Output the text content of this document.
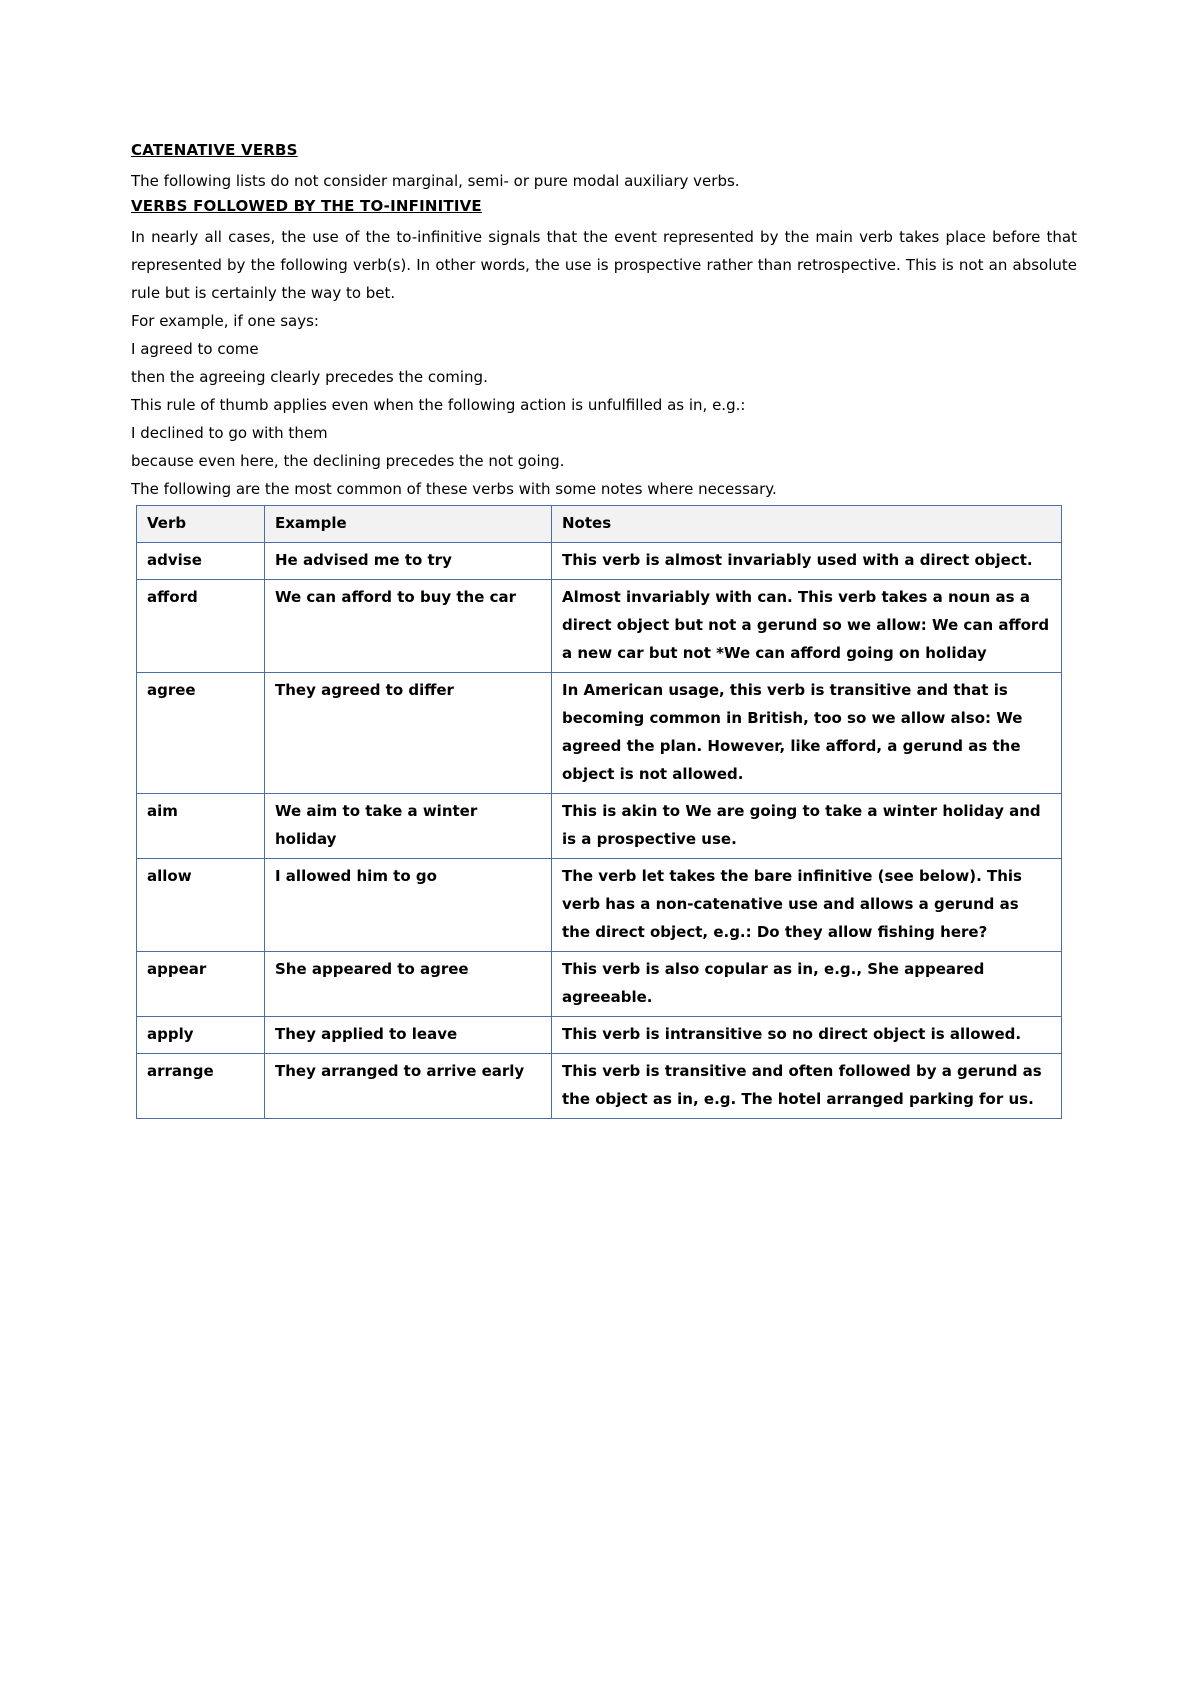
CATENATIVE VERBS

The following lists do not consider marginal, semi- or pure modal auxiliary verbs.

VERBS FOLLOWED BY THE TO-INFINITIVE

In nearly all cases, the use of the to-infinitive signals that the event represented by the main verb takes place before that represented by the following verb(s). In other words, the use is prospective rather than retrospective. This is not an absolute rule but is certainly the way to bet.

For example, if one says:

I agreed to come

then the agreeing clearly precedes the coming.

This rule of thumb applies even when the following action is unfulfilled as in, e.g.:

I declined to go with them

because even here, the declining precedes the not going.

The following are the most common of these verbs with some notes where necessary.

Verb	Example	Notes
advise	He advised me to try	This verb is almost invariably used with a direct object.
afford	We can afford to buy the car	Almost invariably with can. This verb takes a noun as a direct object but not a gerund so we allow: We can afford a new car but not *We can afford going on holiday
agree	They agreed to differ	In American usage, this verb is transitive and that is becoming common in British, too so we allow also: We agreed the plan. However, like afford, a gerund as the object is not allowed.
aim	We aim to take a winter holiday	This is akin to We are going to take a winter holiday and is a prospective use.
allow	I allowed him to go	The verb let takes the bare infinitive (see below). This verb has a non-catenative use and allows a gerund as the direct object, e.g.: Do they allow fishing here?
appear	She appeared to agree	This verb is also copular as in, e.g., She appeared agreeable.
apply	They applied to leave	This verb is intransitive so no direct object is allowed.
arrange	They arranged to arrive early	This verb is transitive and often followed by a gerund as the object as in, e.g. The hotel arranged parking for us.
